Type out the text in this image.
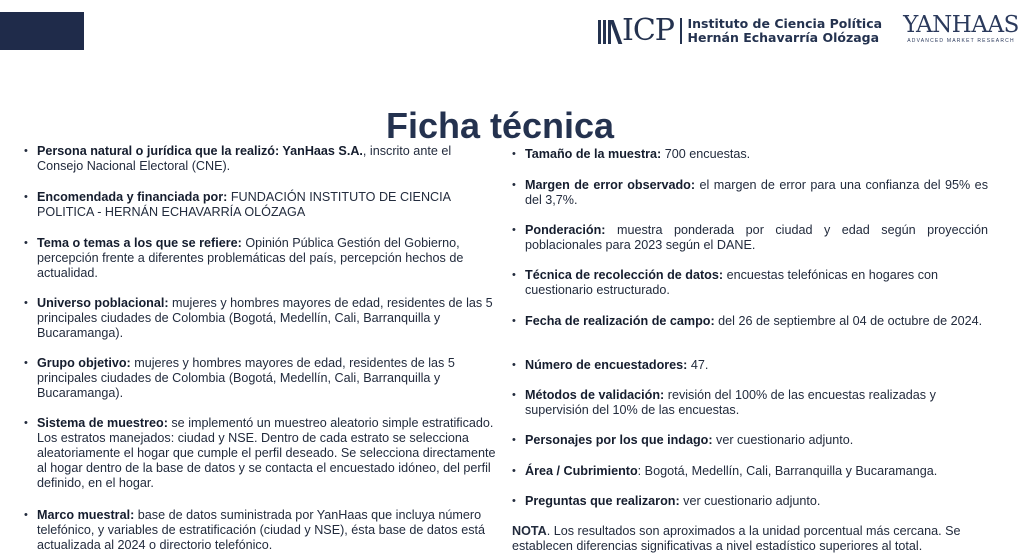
ICP Instituto de Ciencia Política
Hernán Echavarría Olózaga YANHAAS
ADVANCED MARKET RESEARCH
Ficha técnica
• Persona natural o jurídica que la realizó: YanHaas S.A., inscrito ante el Consejo Nacional Electoral (CNE).
• Encomendada y financiada por: FUNDACIÓN INSTITUTO DE CIENCIA POLITICA - HERNÁN ECHAVARRÍA OLÓZAGA
• Tema o temas a los que se refiere: Opinión Pública Gestión del Gobierno, percepción frente a diferentes problemáticas del país, percepción hechos de actualidad.
• Universo poblacional: mujeres y hombres mayores de edad, residentes de las 5 principales ciudades de Colombia (Bogotá, Medellín, Cali, Barranquilla y Bucaramanga).
• Grupo objetivo: mujeres y hombres mayores de edad, residentes de las 5 principales ciudades de Colombia (Bogotá, Medellín, Cali, Barranquilla y Bucaramanga).
• Sistema de muestreo: se implementó un muestreo aleatorio simple estratificado. Los estratos manejados: ciudad y NSE. Dentro de cada estrato se selecciona aleatoriamente el hogar que cumple el perfil deseado. Se selecciona directamente al hogar dentro de la base de datos y se contacta el encuestado idóneo, del perfil definido, en el hogar.
• Marco muestral: base de datos suministrada por YanHaas que incluya número telefónico, y variables de estratificación (ciudad y NSE), ésta base de datos está actualizada al 2024 o directorio telefónico.
• Tamaño de la muestra: 700 encuestas.
• Margen de error observado: el margen de error para una confianza del 95% es del 3,7%.
• Ponderación: muestra ponderada por ciudad y edad según proyección poblacionales para 2023 según el DANE.
• Técnica de recolección de datos: encuestas telefónicas en hogares con cuestionario estructurado.
• Fecha de realización de campo: del 26 de septiembre al 04 de octubre de 2024.
• Número de encuestadores: 47.
• Métodos de validación: revisión del 100% de las encuestas realizadas y supervisión del 10% de las encuestas.
• Personajes por los que indago: ver cuestionario adjunto.
• Área / Cubrimiento: Bogotá, Medellín, Cali, Barranquilla y Bucaramanga.
• Preguntas que realizaron: ver cuestionario adjunto.
NOTA. Los resultados son aproximados a la unidad porcentual más cercana. Se establecen diferencias significativas a nivel estadístico superiores al total.
